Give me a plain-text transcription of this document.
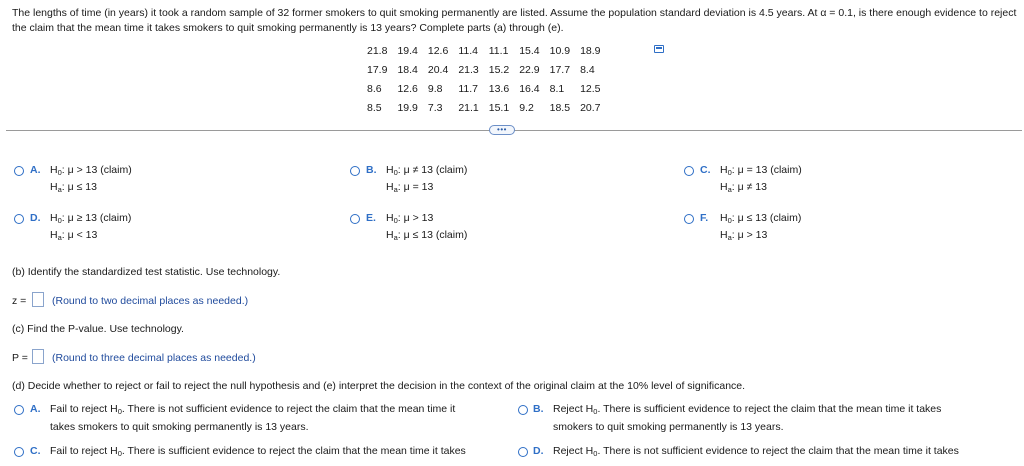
The lengths of time (in years) it took a random sample of 32 former smokers to quit smoking permanently are listed. Assume the population standard deviation is 4.5 years. At α = 0.1, is there enough evidence to reject the claim that the mean time it takes smokers to quit smoking permanently is 13 years? Complete parts (a) through (e).
21.8	19.4	12.6	11.4	11.1	15.4	10.9	18.9
17.9	18.4	20.4	21.3	15.2	22.9	17.7	8.4
8.6	12.6	9.8	11.7	13.6	16.4	8.1	12.5
8.5	19.9	7.3	21.1	15.1	9.2	18.5	20.7
•••
A. $H_0$: μ > 13 (claim)
$H_a$: μ ≤ 13
B. $H_0$: μ ≠ 13 (claim)
$H_a$: μ = 13
C. $H_0$: μ = 13 (claim)
$H_a$: μ ≠ 13
D. $H_0$: μ ≥ 13 (claim)
$H_a$: μ < 13
E. $H_0$: μ > 13
$H_a$: μ ≤ 13 (claim)
F. $H_0$: μ ≤ 13 (claim)
$H_a$: μ > 13
(b) Identify the standardized test statistic. Use technology.
z = (Round to two decimal places as needed.)
(c) Find the P-value. Use technology.
P = (Round to three decimal places as needed.)
(d) Decide whether to reject or fail to reject the null hypothesis and (e) interpret the decision in the context of the original claim at the 10% level of significance.
A. Fail to reject $H_0$. There is not sufficient evidence to reject the claim that the mean time it
takes smokers to quit smoking permanently is 13 years.
B. Reject $H_0$. There is sufficient evidence to reject the claim that the mean time it takes
smokers to quit smoking permanently is 13 years.
C. Fail to reject $H_0$. There is sufficient evidence to reject the claim that the mean time it takes	D. Reject $H_0$. There is not sufficient evidence to reject the claim that the mean time it takes
